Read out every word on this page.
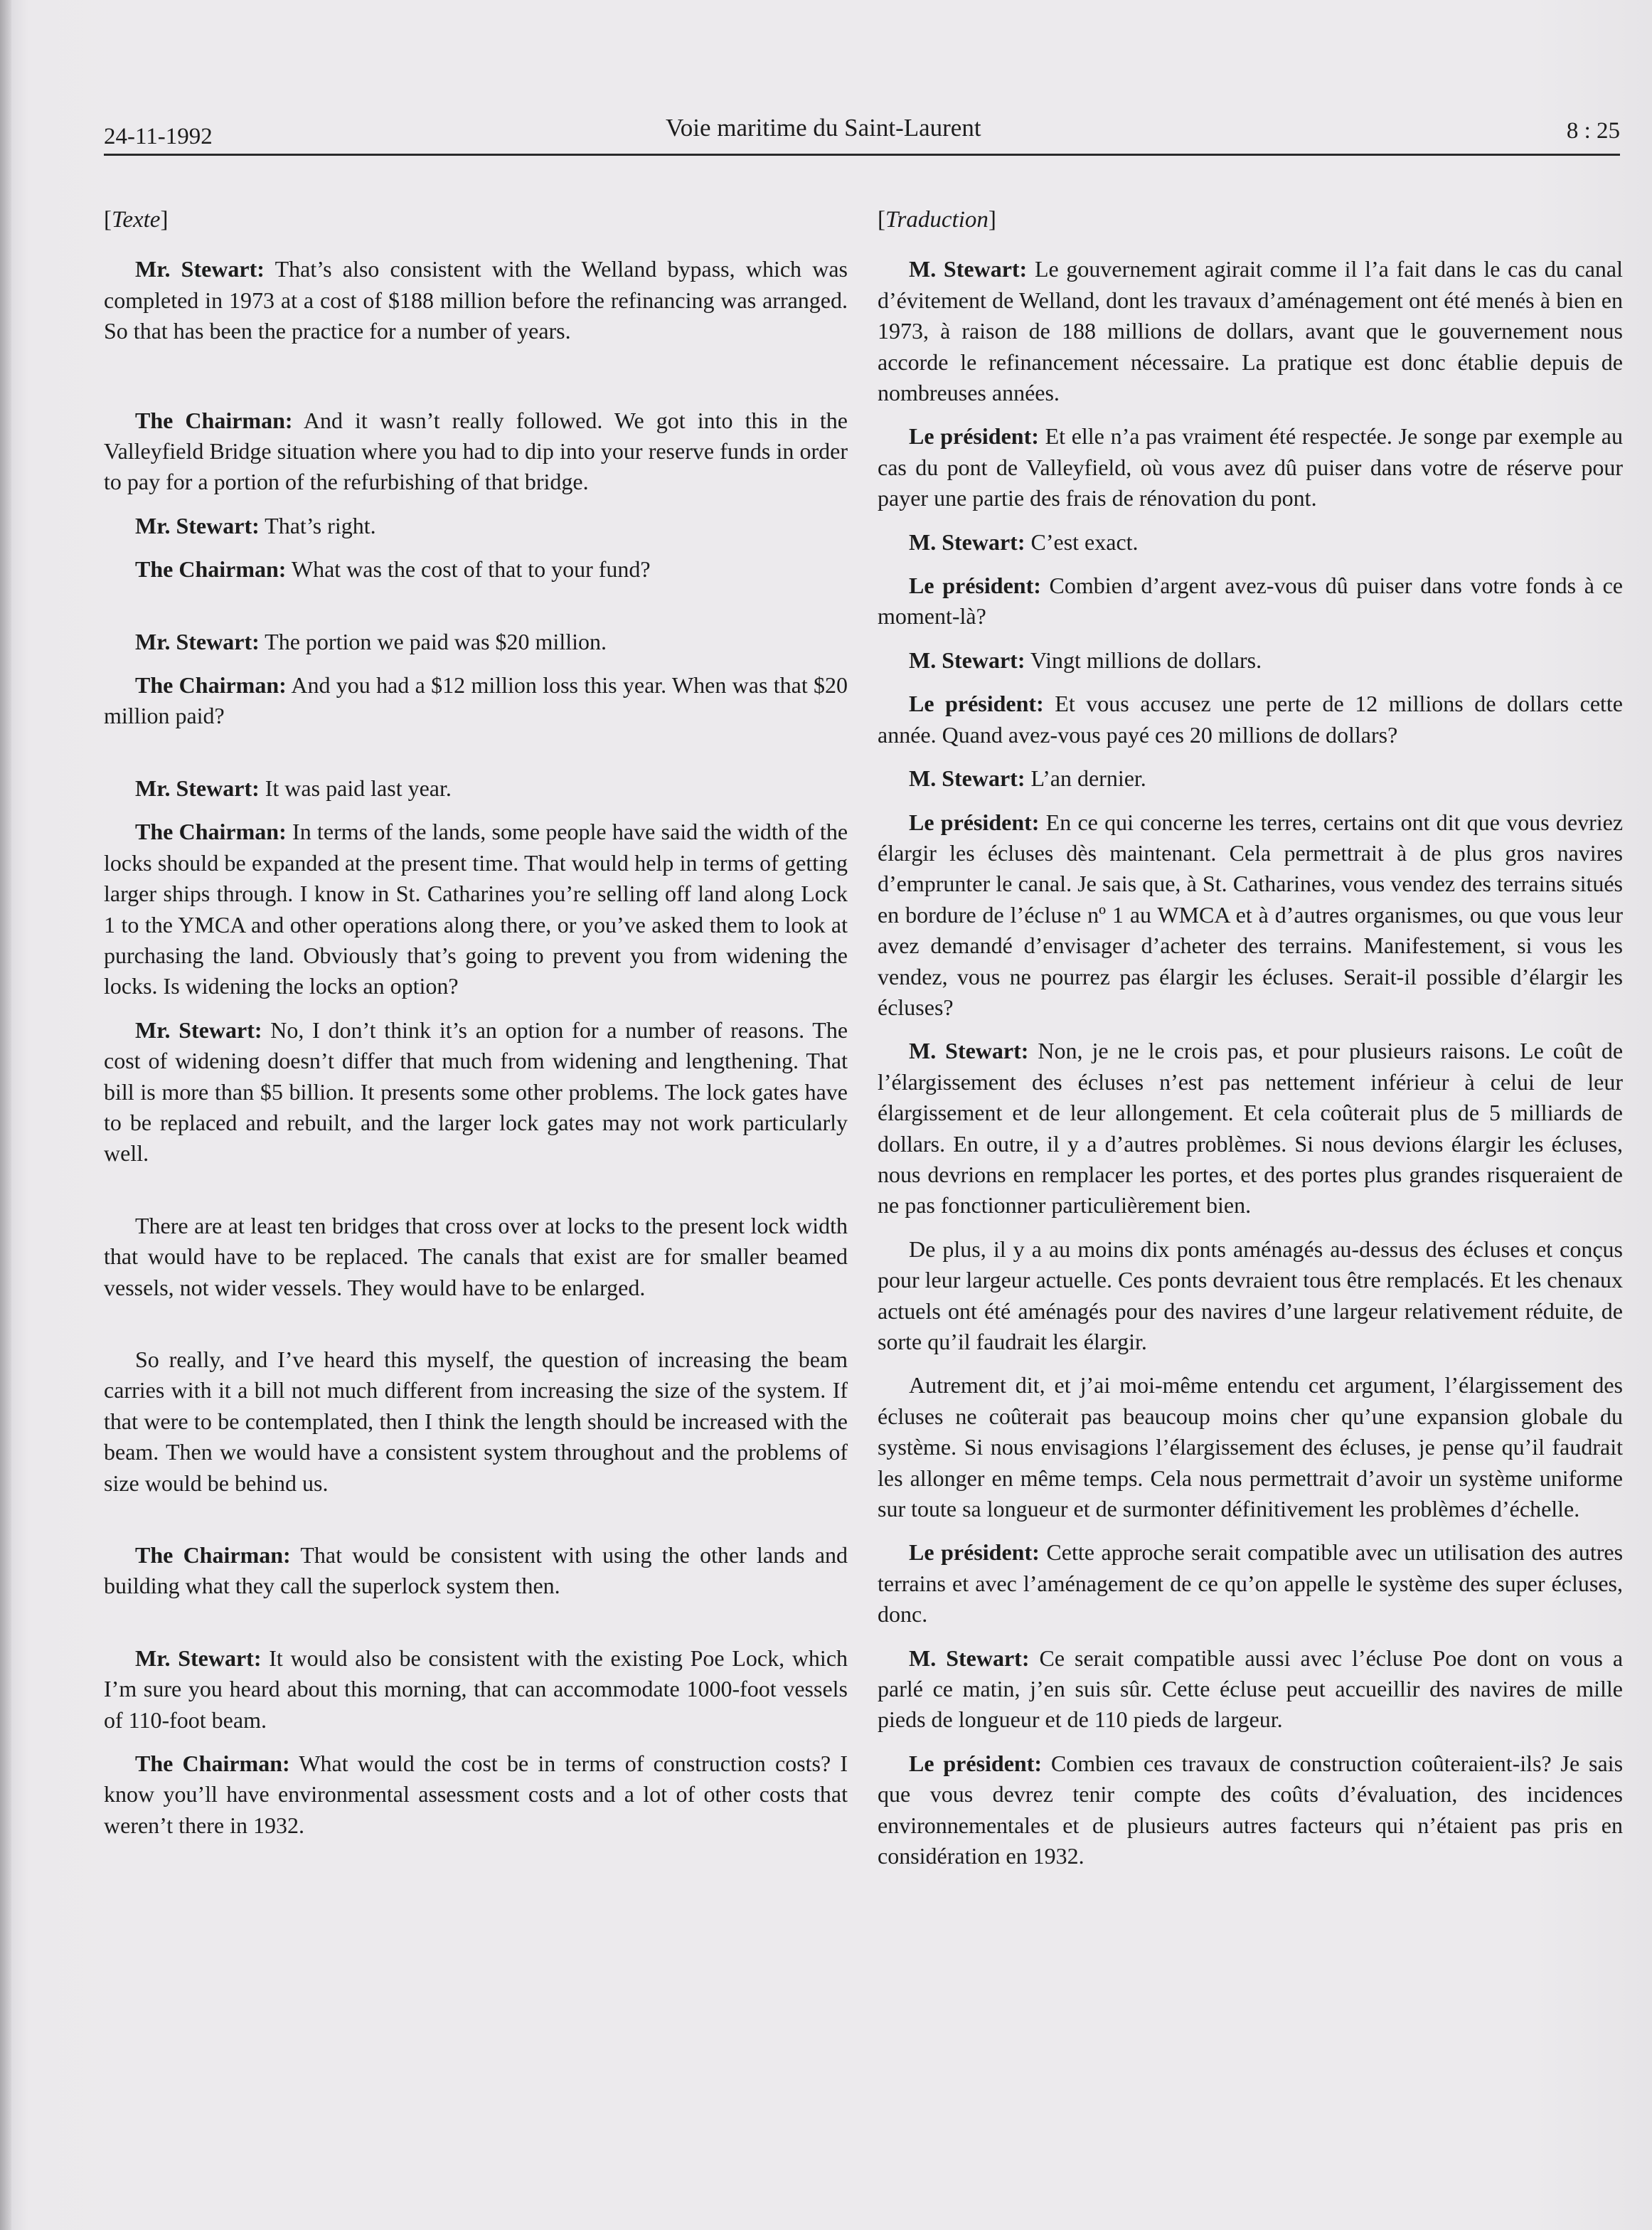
24-11-1992	Voie maritime du Saint-Laurent	8 : 25
[Texte]

Mr. Stewart: That’s also consistent with the Welland bypass, which was completed in 1973 at a cost of $188 million before the refinancing was arranged. So that has been the practice for a number of years.

The Chairman: And it wasn’t really followed. We got into this in the Valleyfield Bridge situation where you had to dip into your reserve funds in order to pay for a portion of the refurbishing of that bridge.

Mr. Stewart: That’s right.

The Chairman: What was the cost of that to your fund?

Mr. Stewart: The portion we paid was $20 million.

The Chairman: And you had a $12 million loss this year. When was that $20 million paid?

Mr. Stewart: It was paid last year.

The Chairman: In terms of the lands, some people have said the width of the locks should be expanded at the present time. That would help in terms of getting larger ships through. I know in St. Catharines you’re selling off land along Lock 1 to the YMCA and other operations along there, or you’ve asked them to look at purchasing the land. Obviously that’s going to prevent you from widening the locks. Is widening the locks an option?

Mr. Stewart: No, I don’t think it’s an option for a number of reasons. The cost of widening doesn’t differ that much from widening and lengthening. That bill is more than $5 billion. It presents some other problems. The lock gates have to be replaced and rebuilt, and the larger lock gates may not work particularly well.

There are at least ten bridges that cross over at locks to the present lock width that would have to be replaced. The canals that exist are for smaller beamed vessels, not wider vessels. They would have to be enlarged.

So really, and I’ve heard this myself, the question of increasing the beam carries with it a bill not much different from increasing the size of the system. If that were to be contemplated, then I think the length should be increased with the beam. Then we would have a consistent system throughout and the problems of size would be behind us.

The Chairman: That would be consistent with using the other lands and building what they call the superlock system then.

Mr. Stewart: It would also be consistent with the existing Poe Lock, which I’m sure you heard about this morning, that can accommodate 1000-foot vessels of 110-foot beam.

The Chairman: What would the cost be in terms of construction costs? I know you’ll have environmental assessment costs and a lot of other costs that weren’t there in 1932.

[Traduction]

M. Stewart: Le gouvernement agirait comme il l’a fait dans le cas du canal d’évitement de Welland, dont les travaux d’aménagement ont été menés à bien en 1973, à raison de 188 millions de dollars, avant que le gouvernement nous accorde le refinancement nécessaire. La pratique est donc établie depuis de nombreuses années.

Le président: Et elle n’a pas vraiment été respectée. Je songe par exemple au cas du pont de Valleyfield, où vous avez dû puiser dans votre de réserve pour payer une partie des frais de rénovation du pont.

M. Stewart: C’est exact.

Le président: Combien d’argent avez-vous dû puiser dans votre fonds à ce moment-là?

M. Stewart: Vingt millions de dollars.

Le président: Et vous accusez une perte de 12 millions de dollars cette année. Quand avez-vous payé ces 20 millions de dollars?

M. Stewart: L’an dernier.

Le président: En ce qui concerne les terres, certains ont dit que vous devriez élargir les écluses dès maintenant. Cela permettrait à de plus gros navires d’emprunter le canal. Je sais que, à St. Catharines, vous vendez des terrains situés en bordure de l’écluse nº 1 au WMCA et à d’autres organismes, ou que vous leur avez demandé d’envisager d’acheter des terrains. Manifestement, si vous les vendez, vous ne pourrez pas élargir les écluses. Serait-il possible d’élargir les écluses?

M. Stewart: Non, je ne le crois pas, et pour plusieurs raisons. Le coût de l’élargissement des écluses n’est pas nettement inférieur à celui de leur élargissement et de leur allongement. Et cela coûterait plus de 5 milliards de dollars. En outre, il y a d’autres problèmes. Si nous devions élargir les écluses, nous devrions en remplacer les portes, et des portes plus grandes risqueraient de ne pas fonctionner particulièrement bien.

De plus, il y a au moins dix ponts aménagés au-dessus des écluses et conçus pour leur largeur actuelle. Ces ponts devraient tous être remplacés. Et les chenaux actuels ont été aménagés pour des navires d’une largeur relativement réduite, de sorte qu’il faudrait les élargir.

Autrement dit, et j’ai moi-même entendu cet argument, l’élargissement des écluses ne coûterait pas beaucoup moins cher qu’une expansion globale du système. Si nous envisagions l’élargissement des écluses, je pense qu’il faudrait les allonger en même temps. Cela nous permettrait d’avoir un système uniforme sur toute sa longueur et de surmonter définitivement les problèmes d’échelle.

Le président: Cette approche serait compatible avec un utilisation des autres terrains et avec l’aménagement de ce qu’on appelle le système des super écluses, donc.

M. Stewart: Ce serait compatible aussi avec l’écluse Poe dont on vous a parlé ce matin, j’en suis sûr. Cette écluse peut accueillir des navires de mille pieds de longueur et de 110 pieds de largeur.

Le président: Combien ces travaux de construction coûteraient-ils? Je sais que vous devrez tenir compte des coûts d’évaluation, des incidences environnementales et de plusieurs autres facteurs qui n’étaient pas pris en considération en 1932.
